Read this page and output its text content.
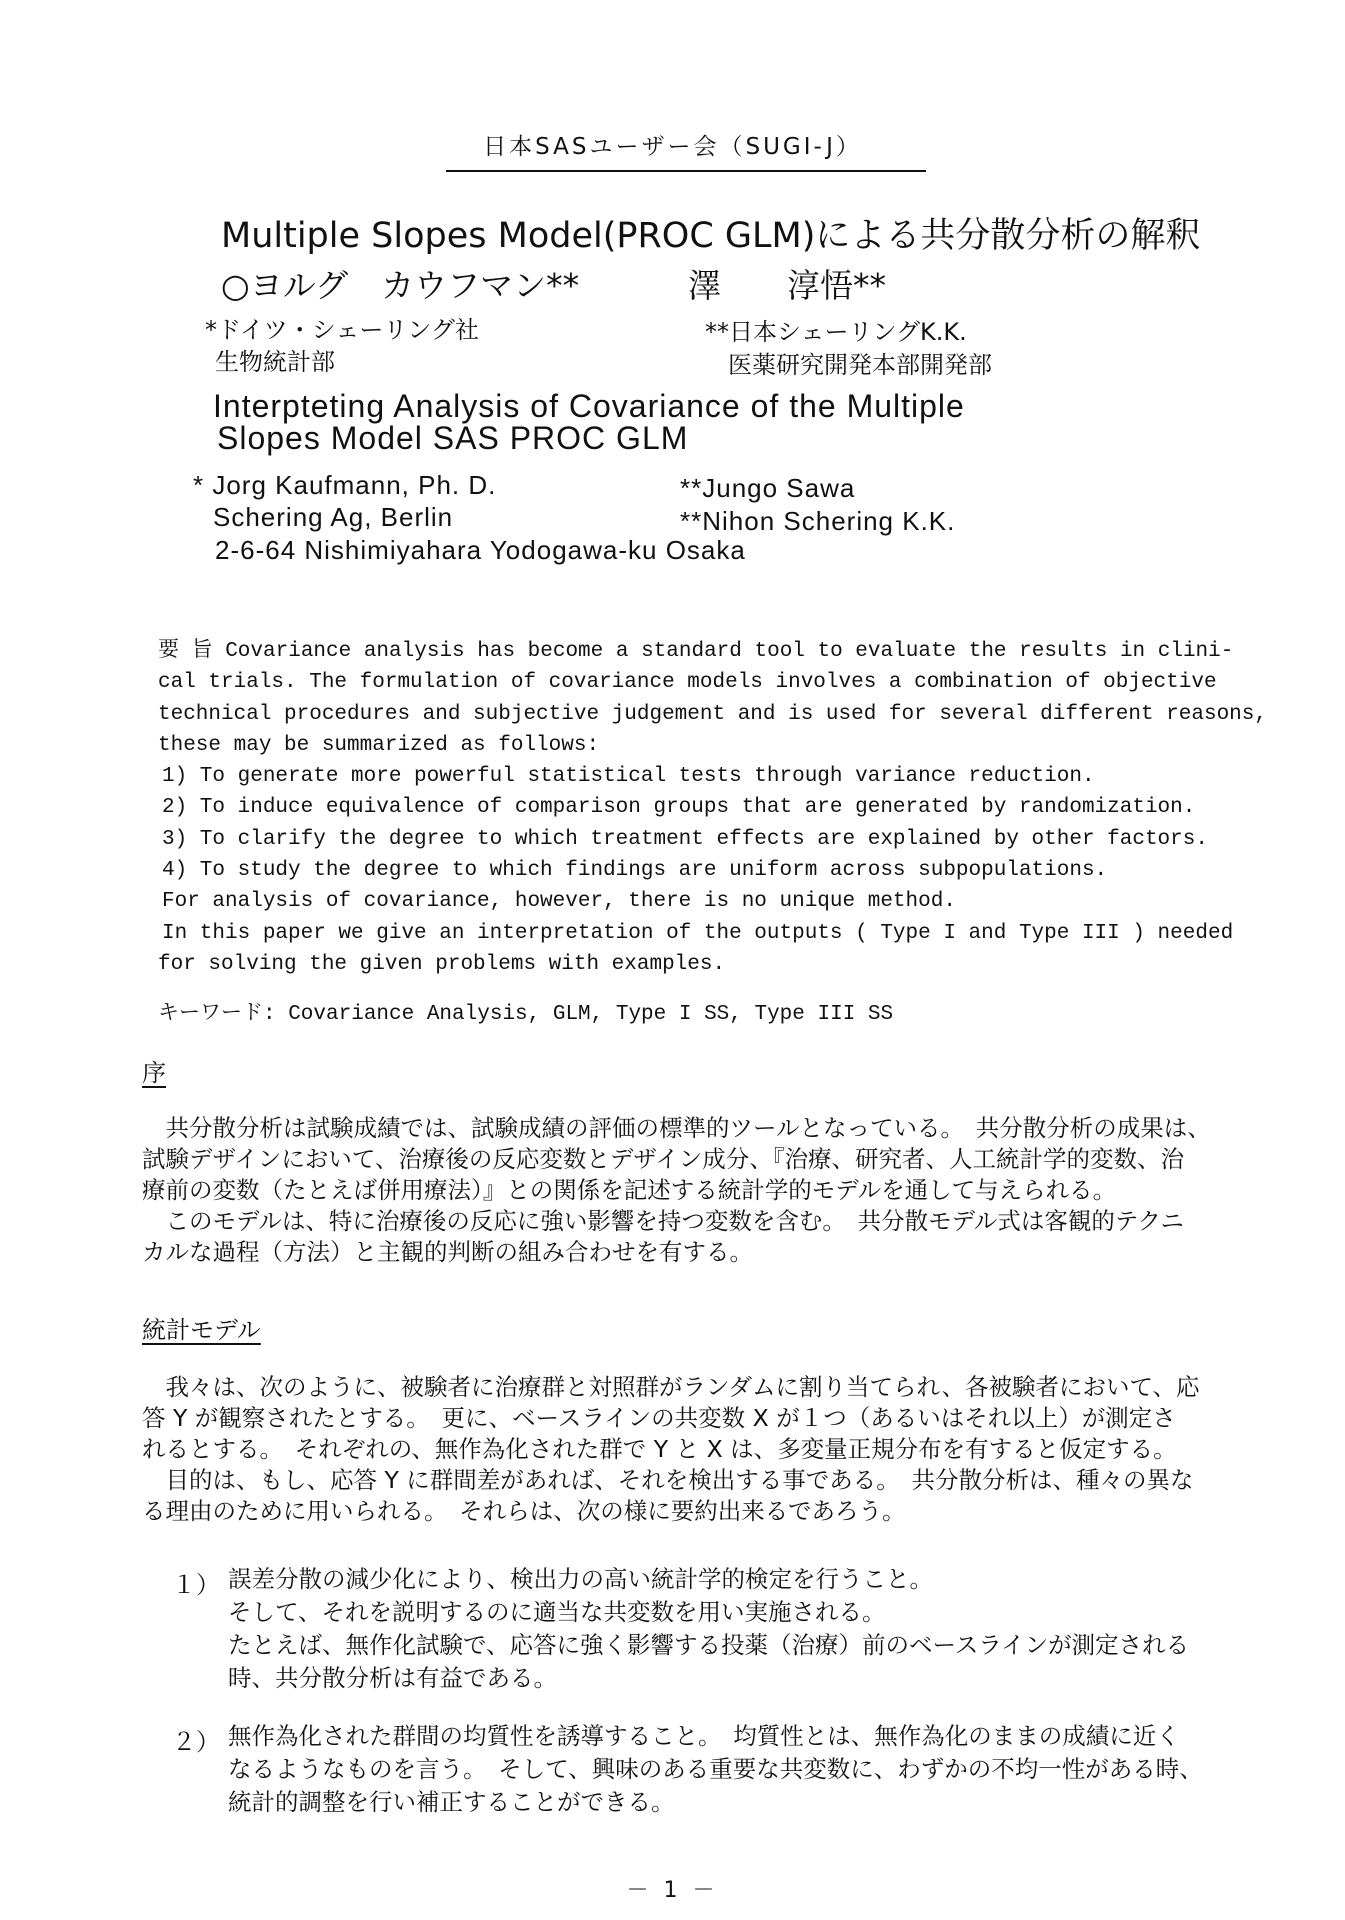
日本SASユーザー会（SUGI-J）
Multiple Slopes Model(PROC GLM)による共分散分析の解釈
○ヨルグ　カウフマン**	澤　　淳悟**
*ドイツ・シェーリング社
生物統計部
**日本シェーリングK.K.
医薬研究開発本部開発部
Interpteting Analysis of Covariance of the Multiple
Slopes Model SAS PROC GLM
* Jorg Kaufmann, Ph. D.
Schering Ag, Berlin
**Jungo Sawa
**Nihon Schering K.K.
2-6-64 Nishimiyahara Yodogawa-ku Osaka
要 旨 Covariance analysis has become a standard tool to evaluate the results in clini-
cal trials. The formulation of covariance models involves a combination of objective
technical procedures and subjective judgement and is used for several different reasons,
these may be summarized as follows:
1) To generate more powerful statistical tests through variance reduction.
2) To induce equivalence of comparison groups that are generated by randomization.
3) To clarify the degree to which treatment effects are explained by other factors.
4) To study the degree to which findings are uniform across subpopulations.
For analysis of covariance, however, there is no unique method.
In this paper we give an interpretation of the outputs ( Type I and Type III ) needed
for solving the given problems with examples.
キーワード: Covariance Analysis, GLM, Type I SS, Type III SS
序
　共分散分析は試験成績では、試験成績の評価の標準的ツールとなっている。　共分散分析の成果は、
試験デザインにおいて、治療後の反応変数とデザイン成分、『治療、研究者、人工統計学的変数、治
療前の変数（たとえば併用療法）』との関係を記述する統計学的モデルを通して与えられる。
　このモデルは、特に治療後の反応に強い影響を持つ変数を含む。　共分散モデル式は客観的テクニ
カルな過程（方法）と主観的判断の組み合わせを有する。
統計モデル
　我々は、次のように、被験者に治療群と対照群がランダムに割り当てられ、各被験者において、応
答 Y が観察されたとする。　更に、ベースラインの共変数 X が１つ（あるいはそれ以上）が測定さ
れるとする。　それぞれの、無作為化された群で Y と X は、多変量正規分布を有すると仮定する。
　目的は、もし、応答 Y に群間差があれば、それを検出する事である。　共分散分析は、種々の異な
る理由のために用いられる。　それらは、次の様に要約出来るであろう。
１） 誤差分散の減少化により、検出力の高い統計学的検定を行うこと。
そして、それを説明するのに適当な共変数を用い実施される。
たとえば、無作化試験で、応答に強く影響する投薬（治療）前のベースラインが測定される
時、共分散分析は有益である。
２） 無作為化された群間の均質性を誘導すること。　均質性とは、無作為化のままの成績に近く
なるようなものを言う。　そして、興味のある重要な共変数に、わずかの不均一性がある時、
統計的調整を行い補正することができる。
－ 1 －
